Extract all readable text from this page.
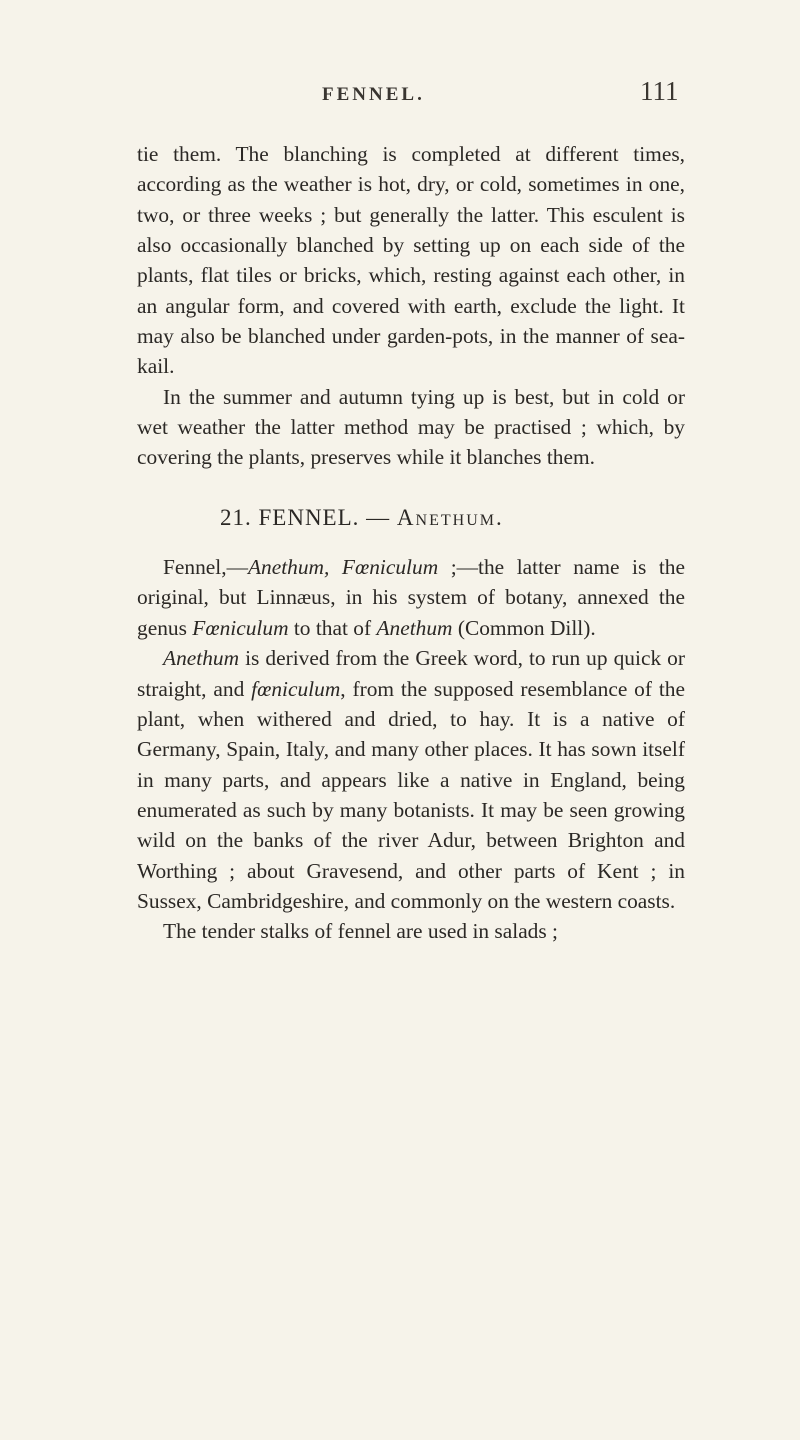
FENNEL.	111

tie them. The blanching is completed at different times, according as the weather is hot, dry, or cold, sometimes in one, two, or three weeks ; but generally the latter. This esculent is also occasionally blanched by setting up on each side of the plants, flat tiles or bricks, which, resting against each other, in an angular form, and covered with earth, exclude the light. It may also be blanched under garden-pots, in the manner of sea-kail.

In the summer and autumn tying up is best, but in cold or wet weather the latter method may be practised ; which, by covering the plants, preserves while it blanches them.

21. FENNEL. — Anethum.

Fennel,—Anethum, Fœniculum ;—the latter name is the original, but Linnæus, in his system of botany, annexed the genus Fœniculum to that of Anethum (Common Dill).

Anethum is derived from the Greek word, to run up quick or straight, and fœniculum, from the supposed resemblance of the plant, when withered and dried, to hay. It is a native of Germany, Spain, Italy, and many other places. It has sown itself in many parts, and appears like a native in England, being enumerated as such by many botanists. It may be seen growing wild on the banks of the river Adur, between Brighton and Worthing ; about Gravesend, and other parts of Kent ; in Sussex, Cambridgeshire, and commonly on the western coasts.

The tender stalks of fennel are used in salads ;
